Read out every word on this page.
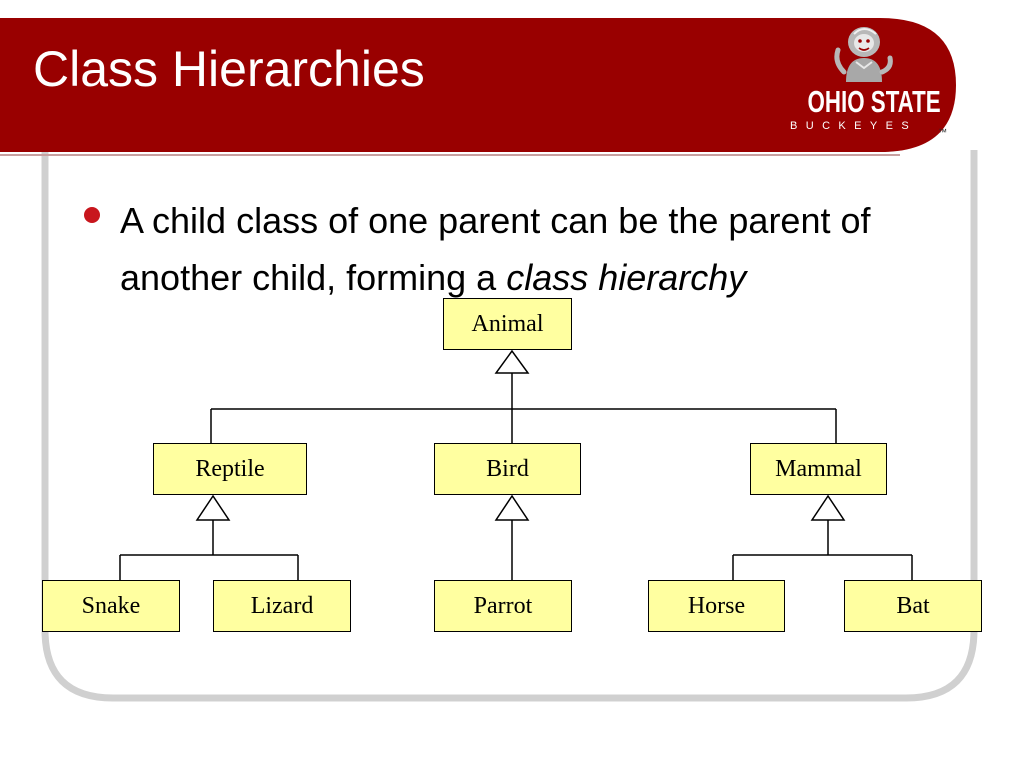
Class Hierarchies
OHIO STATE
BUCKEYES	™

A child class of one parent can be the parent of another child, forming a class hierarchy

Animal
Reptile	Bird	Mammal
Snake	Lizard	Parrot	Horse	Bat
